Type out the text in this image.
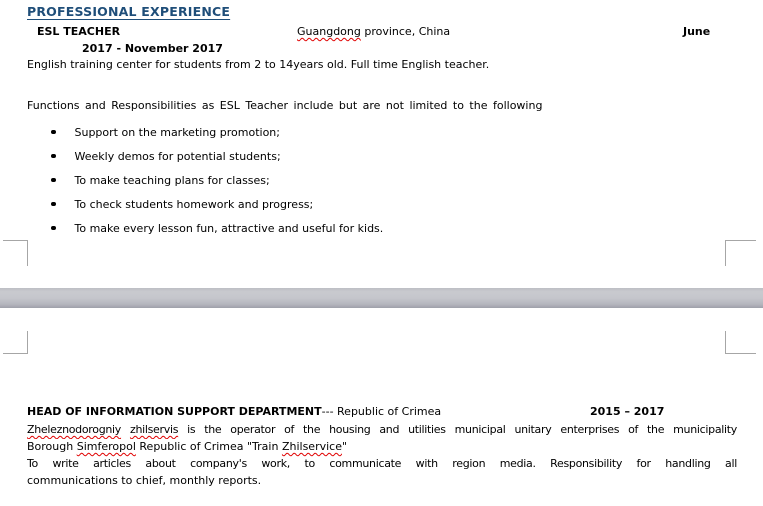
PROFESSIONAL EXPERIENCE
ESL TEACHER	Guangdong province, China	June
2017 - November 2017
English training center for students from 2 to 14years old. Full time English teacher.
Functions and Responsibilities as ESL Teacher include but are not limited to the following
Support on the marketing promotion;
Weekly demos for potential students;
To make teaching plans for classes;
To check students homework and progress;
To make every lesson fun, attractive and useful for kids.
HEAD OF INFORMATION SUPPORT DEPARTMENT--- Republic of Crimea	2015 – 2017
Zheleznodorogniy zhilservis is the operator of the housing and utilities municipal unitary enterprises of the municipality
Borough Simferopol Republic of Crimea "Train Zhilservice"
To write articles about company's work, to communicate with region media. Responsibility for handling all
communications to chief, monthly reports.
